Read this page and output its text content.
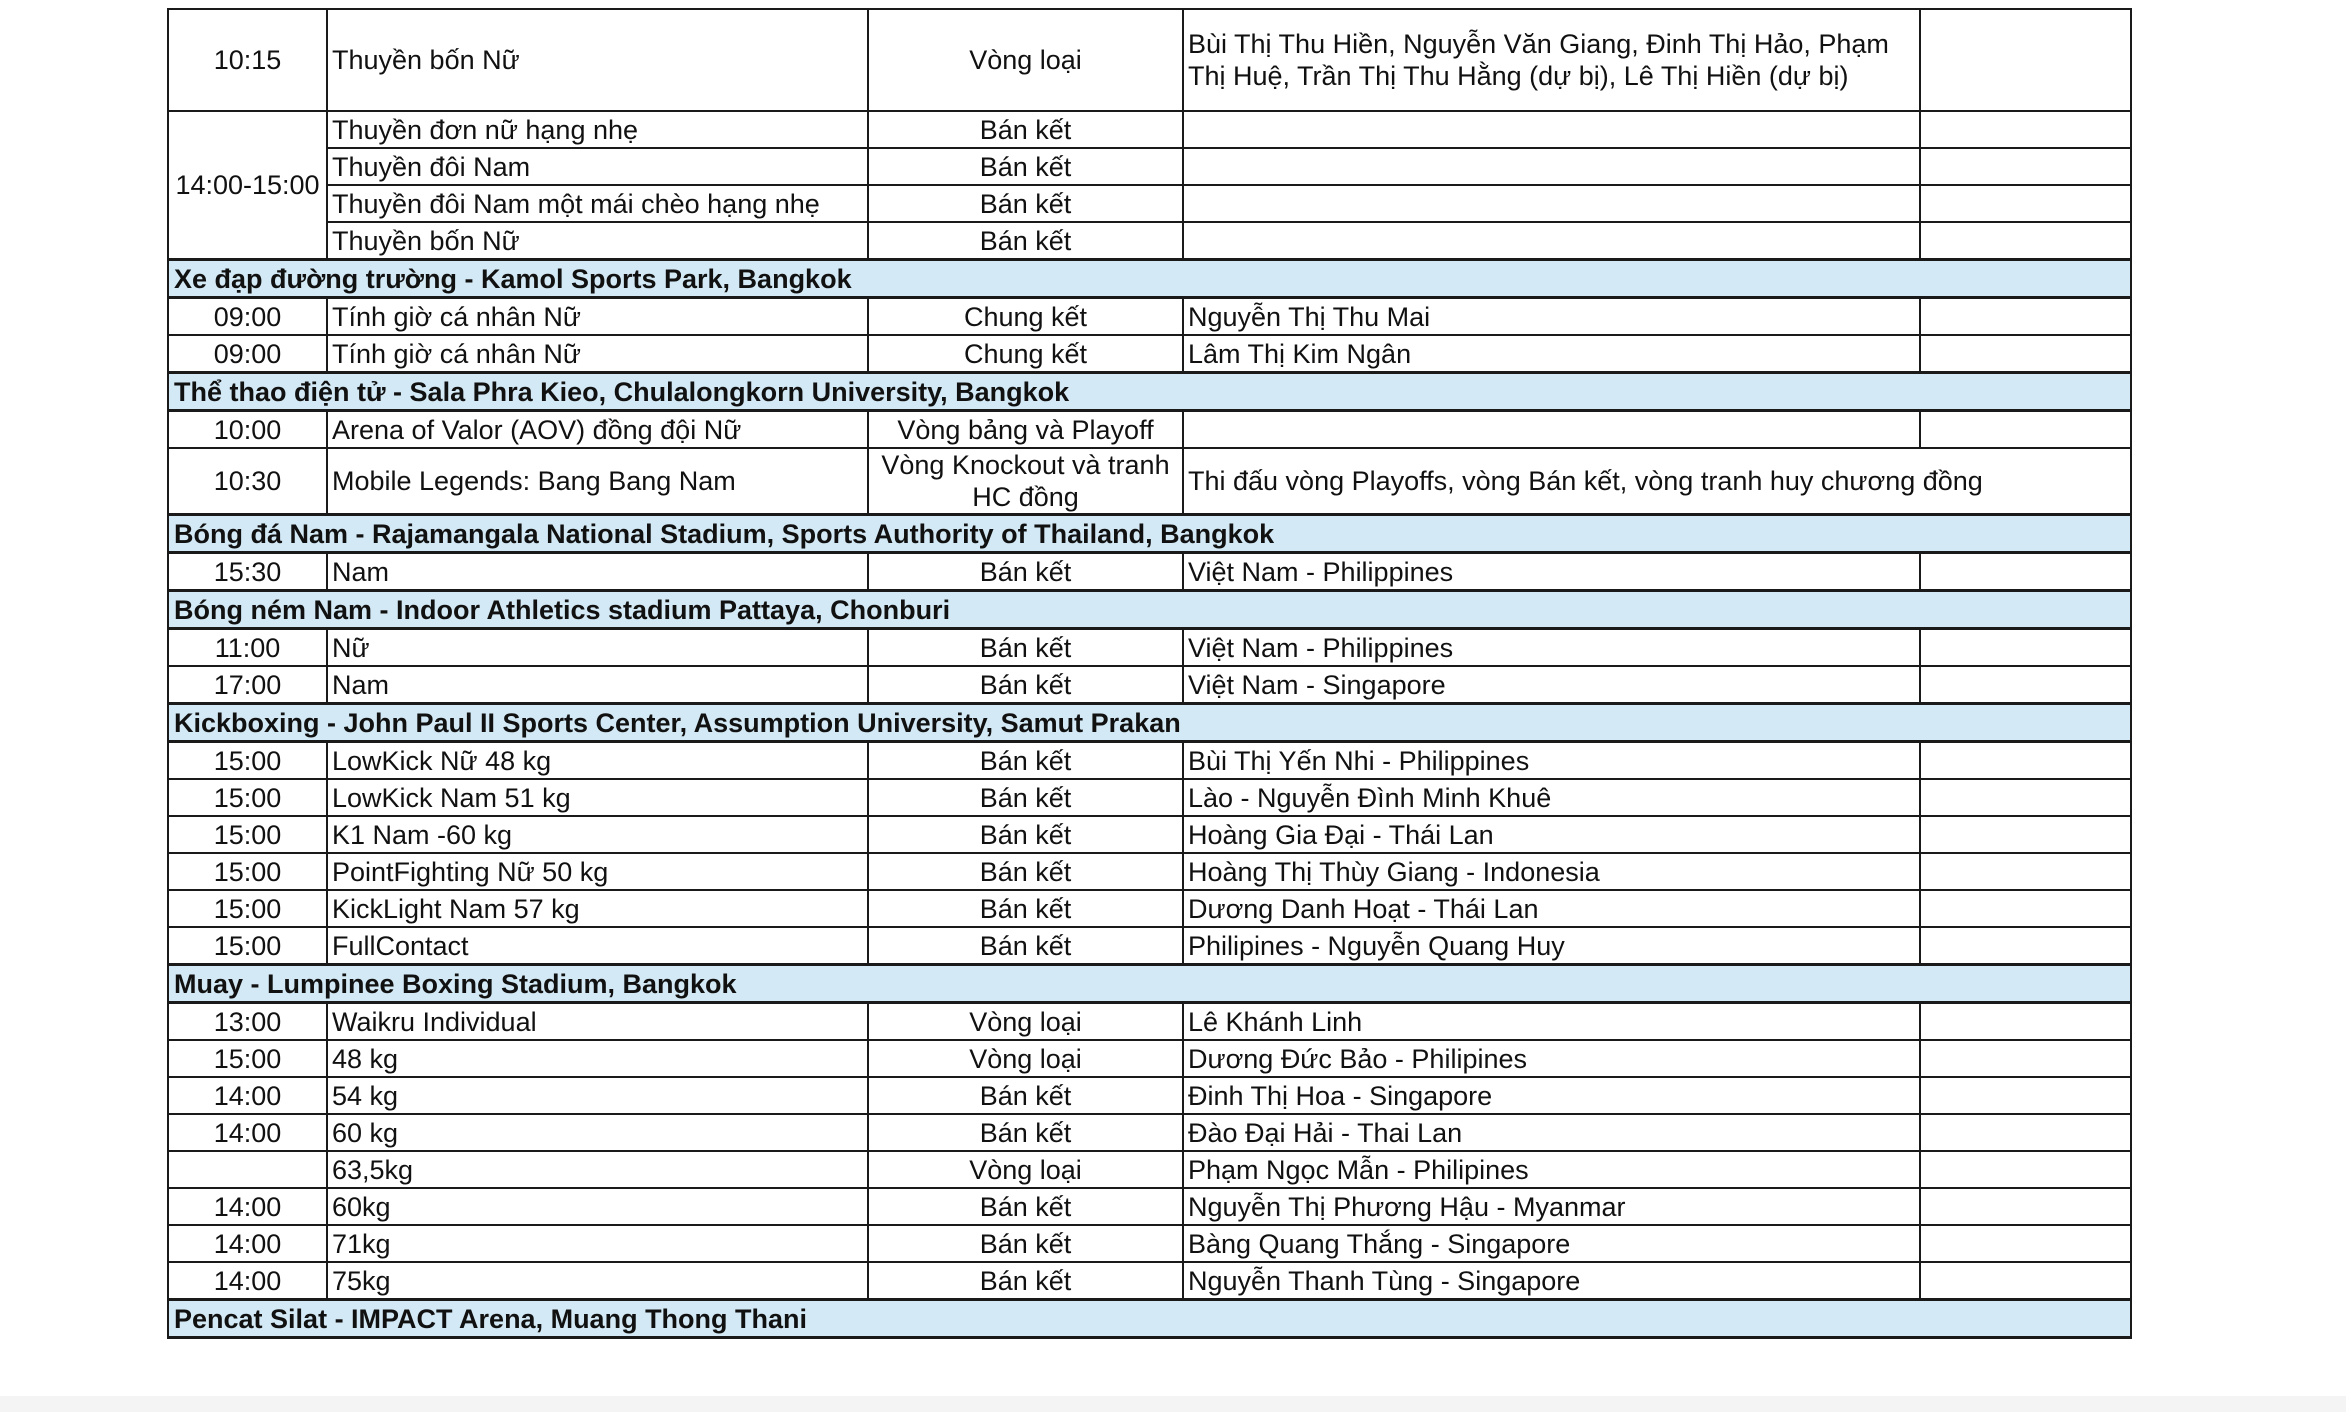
10:15	Thuyền bốn Nữ	Vòng loại	Bùi Thị Thu Hiền, Nguyễn Văn Giang, Đinh Thị Hảo, Phạm Thị Huệ, Trần Thị Thu Hằng (dự bị), Lê Thị Hiền (dự bị)	
14:00-15:00	Thuyền đơn nữ hạng nhẹ	Bán kết		
	Thuyền đôi Nam	Bán kết		
	Thuyền đôi Nam một mái chèo hạng nhẹ	Bán kết		
	Thuyền bốn Nữ	Bán kết		
Xe đạp đường trường - Kamol Sports Park, Bangkok				
09:00	Tính giờ cá nhân Nữ	Chung kết	Nguyễn Thị Thu Mai	
09:00	Tính giờ cá nhân Nữ	Chung kết	Lâm Thị Kim Ngân	
Thể thao điện tử - Sala Phra Kieo, Chulalongkorn University, Bangkok				
10:00	Arena of Valor (AOV) đồng đội Nữ	Vòng bảng và Playoff		
10:30	Mobile Legends: Bang Bang Nam	Vòng Knockout và tranh HC đồng	Thi đấu vòng Playoffs, vòng Bán kết, vòng tranh huy chương đồng	
Bóng đá Nam - Rajamangala National Stadium, Sports Authority of Thailand, Bangkok				
15:30	Nam	Bán kết	Việt Nam - Philippines	
Bóng ném Nam - Indoor Athletics stadium Pattaya, Chonburi				
11:00	Nữ	Bán kết	Việt Nam - Philippines	
17:00	Nam	Bán kết	Việt Nam - Singapore	
Kickboxing - John Paul II Sports Center, Assumption University, Samut Prakan				
15:00	LowKick Nữ 48 kg	Bán kết	Bùi Thị Yến Nhi - Philippines	
15:00	LowKick Nam 51 kg	Bán kết	Lào - Nguyễn Đình Minh Khuê	
15:00	K1 Nam -60 kg	Bán kết	Hoàng Gia Đại - Thái Lan	
15:00	PointFighting Nữ 50 kg	Bán kết	Hoàng Thị Thùy Giang - Indonesia	
15:00	KickLight Nam 57 kg	Bán kết	Dương Danh Hoạt - Thái Lan	
15:00	FullContact	Bán kết	Philipines - Nguyễn Quang Huy	
Muay - Lumpinee Boxing Stadium, Bangkok				
13:00	Waikru Individual	Vòng loại	Lê Khánh Linh	
15:00	48 kg	Vòng loại	Dương Đức Bảo - Philipines	
14:00	54 kg	Bán kết	Đinh Thị Hoa - Singapore	
14:00	60 kg	Bán kết	Đào Đại Hải - Thai Lan	
	63,5kg	Vòng loại	Phạm Ngọc Mẫn - Philipines	
14:00	60kg	Bán kết	Nguyễn Thị Phương Hậu - Myanmar	
14:00	71kg	Bán kết	Bàng Quang Thắng - Singapore	
14:00	75kg	Bán kết	Nguyễn Thanh Tùng - Singapore	
Pencat Silat - IMPACT Arena, Muang Thong Thani				
